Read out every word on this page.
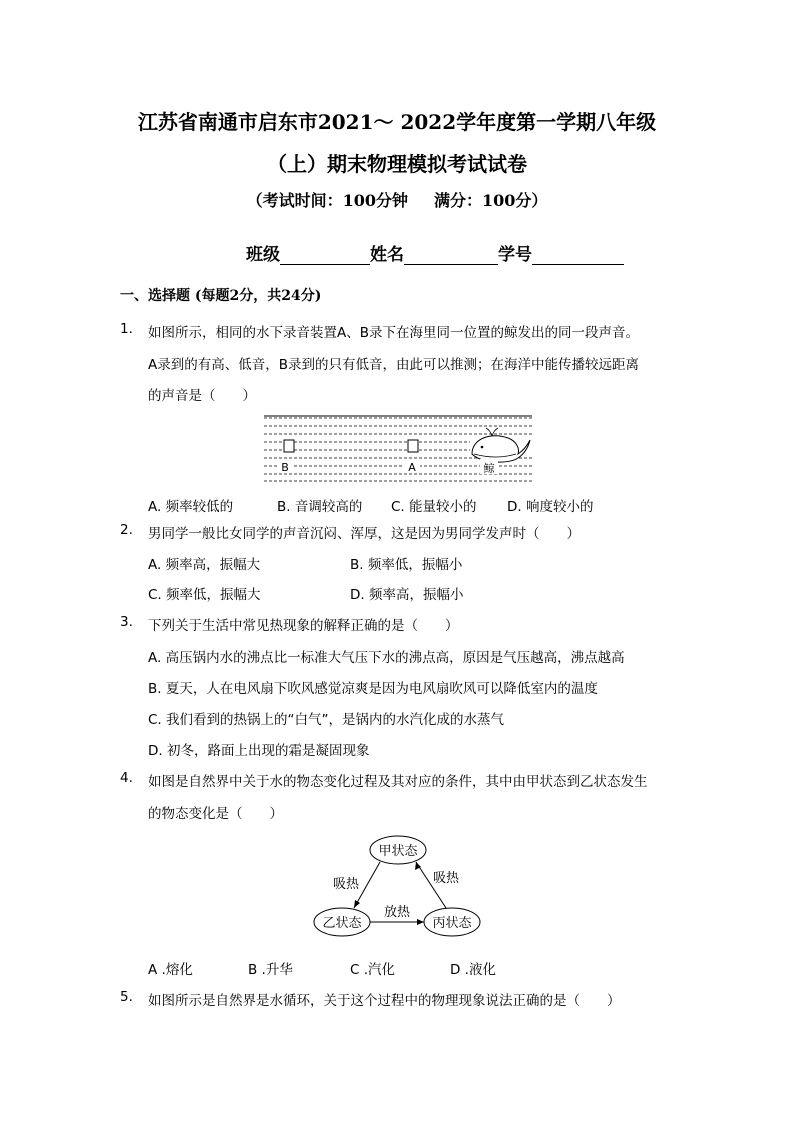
江苏省南通市启东市2021～ 2022学年度第一学期八年级
（上）期末物理模拟考试试卷
（考试时间：100分钟 满分：100分）
班级	姓名	学号
一、选择题 (每题2分，共24分)
1. 如图所示，相同的水下录音装置A、B录下在海里同一位置的鲸发出的同一段声音。
A录到的有高、低音，B录到的只有低音，由此可以推测；在海洋中能传播较远距离
的声音是（　　）
B	A	鲸
A. 频率较低的	B. 音调较高的 C. 能量较小的 D. 响度较小的
2. 男同学一般比女同学的声音沉闷、浑厚，这是因为男同学发声时（　　）
A. 频率高，振幅大	B. 频率低，振幅小
C. 频率低，振幅大	D. 频率高，振幅小
3. 下列关于生活中常见热现象的解释正确的是（　　）
A. 高压锅内水的沸点比一标准大气压下水的沸点高，原因是气压越高，沸点越高
B. 夏天，人在电风扇下吹风感觉凉爽是因为电风扇吹风可以降低室内的温度
C. 我们看到的热锅上的“白气”，是锅内的水汽化成的水蒸气
D. 初冬，路面上出现的霜是凝固现象
4. 如图是自然界中关于水的物态变化过程及其对应的条件，其中由甲状态到乙状态发生
的物态变化是（　　）
甲状态
乙状态	丙状态
吸热	吸热
放热
A .熔化	B .升华	C .汽化	D .液化
5. 如图所示是自然界是水循环，关于这个过程中的物理现象说法正确的是（　　）
